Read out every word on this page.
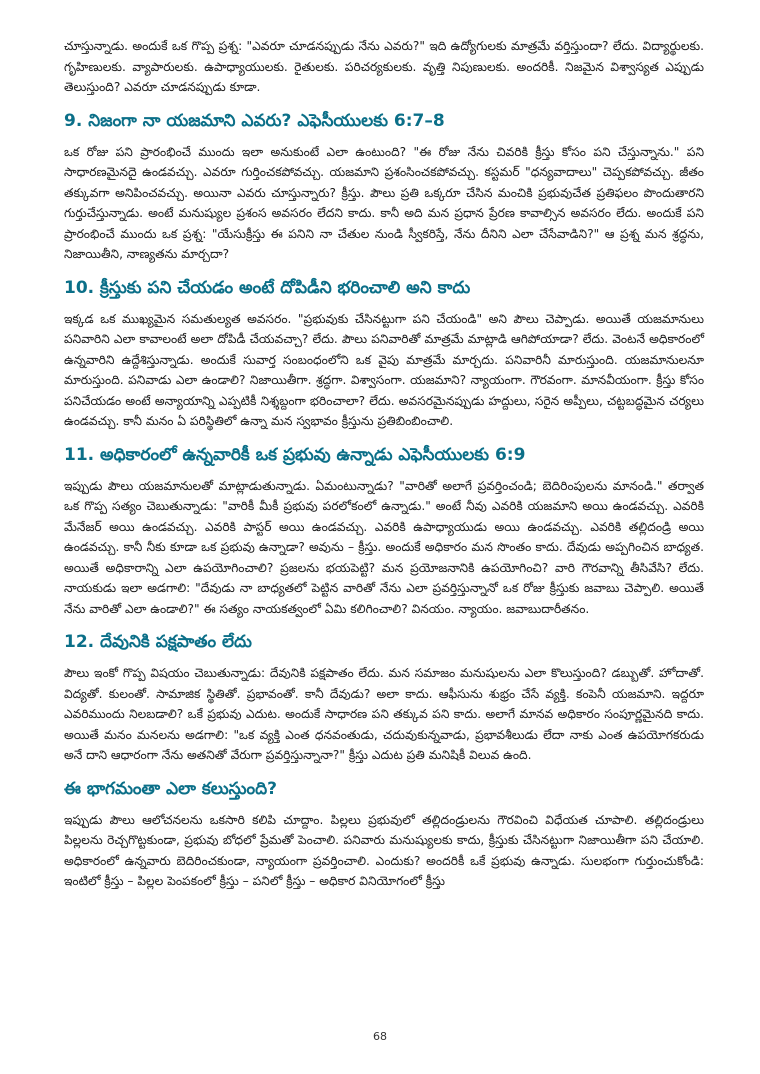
చూస్తున్నాడు. అందుకే ఒక గొప్ప ప్రశ్న: "ఎవరూ చూడనప్పుడు నేను ఎవరు?" ఇది ఉద్యోగులకు మాత్రమే వర్తిస్తుందా? లేదు. విద్యార్థులకు. గృహిణులకు. వ్యాపారులకు. ఉపాధ్యాయులకు. రైతులకు. పరిచర్యకులకు. వృత్తి నిపుణులకు. అందరికీ. నిజమైన విశ్వాస్యత ఎప్పుడు తెలుస్తుంది? ఎవరూ చూడనప్పుడు కూడా.

9. నిజంగా నా యజమాని ఎవరు? ఎఫెసీయులకు 6:7–8

ఒక రోజు పని ప్రారంభించే ముందు ఇలా అనుకుంటే ఎలా ఉంటుంది? "ఈ రోజు నేను చివరికి క్రీస్తు కోసం పని చేస్తున్నాను." పని సాధారణమైనదై ఉండవచ్చు. ఎవరూ గుర్తించకపోవచ్చు. యజమాని ప్రశంసించకపోవచ్చు. కస్టమర్ "ధన్యవాదాలు" చెప్పకపోవచ్చు. జీతం తక్కువగా అనిపించవచ్చు. అయినా ఎవరు చూస్తున్నారు? క్రీస్తు. పౌలు ప్రతి ఒక్కరూ చేసిన మంచికి ప్రభువుచేత ప్రతిఫలం పొందుతారని గుర్తుచేస్తున్నాడు. అంటే మనుష్యుల ప్రశంస అవసరం లేదని కాదు. కానీ అది మన ప్రధాన ప్రేరణ కావాల్సిన అవసరం లేదు. అందుకే పని ప్రారంభించే ముందు ఒక ప్రశ్న: "యేసుక్రీస్తు ఈ పనిని నా చేతుల నుండి స్వీకరిస్తే, నేను దీనిని ఎలా చేసేవాడిని?" ఆ ప్రశ్న మన శ్రద్ధను, నిజాయితీని, నాణ్యతను మార్చదా?

10. క్రీస్తుకు పని చేయడం అంటే దోపిడీని భరించాలి అని కాదు

ఇక్కడ ఒక ముఖ్యమైన సమతుల్యత అవసరం. "ప్రభువుకు చేసినట్టుగా పని చేయండి" అని పౌలు చెప్పాడు. అయితే యజమానులు పనివారిని ఎలా కావాలంటే అలా దోపిడీ చేయవచ్చా? లేదు. పౌలు పనివారితో మాత్రమే మాట్లాడి ఆగిపోయాడా? లేదు. వెంటనే అధికారంలో ఉన్నవారిని ఉద్దేశిస్తున్నాడు. అందుకే సువార్త సంబంధంలోని ఒక వైపు మాత్రమే మార్చదు. పనివారినీ మారుస్తుంది. యజమానులనూ మారుస్తుంది. పనివాడు ఎలా ఉండాలి? నిజాయితీగా. శ్రద్ధగా. విశ్వాసంగా. యజమాని? న్యాయంగా. గౌరవంగా. మానవీయంగా. క్రీస్తు కోసం పనిచేయడం అంటే అన్యాయాన్ని ఎప్పటికీ నిశ్శబ్దంగా భరించాలా? లేదు. అవసరమైనప్పుడు హద్దులు, సరైన అప్పీలు, చట్టబద్ధమైన చర్యలు ఉండవచ్చు. కానీ మనం ఏ పరిస్థితిలో ఉన్నా మన స్వభావం క్రీస్తును ప్రతిబింబించాలి.

11. అధికారంలో ఉన్నవారికీ ఒక ప్రభువు ఉన్నాడు ఎఫెసీయులకు 6:9

ఇప్పుడు పౌలు యజమానులతో మాట్లాడుతున్నాడు. ఏమంటున్నాడు? "వారితో అలాగే ప్రవర్తించండి; బెదిరింపులను మానండి." తర్వాత ఒక గొప్ప సత్యం చెబుతున్నాడు: "వారికీ మీకీ ప్రభువు పరలోకంలో ఉన్నాడు." అంటే నీవు ఎవరికి యజమాని అయి ఉండవచ్చు. ఎవరికి మేనేజర్ అయి ఉండవచ్చు. ఎవరికి పాస్టర్ అయి ఉండవచ్చు. ఎవరికి ఉపాధ్యాయుడు అయి ఉండవచ్చు. ఎవరికి తల్లిదండ్రి అయి ఉండవచ్చు. కానీ నీకు కూడా ఒక ప్రభువు ఉన్నాడా? అవును – క్రీస్తు. అందుకే అధికారం మన సొంతం కాదు. దేవుడు అప్పగించిన బాధ్యత. అయితే అధికారాన్ని ఎలా ఉపయోగించాలి? ప్రజలను భయపెట్టి? మన ప్రయోజనానికి ఉపయోగించి? వారి గౌరవాన్ని తీసివేసి? లేదు. నాయకుడు ఇలా అడగాలి: "దేవుడు నా బాధ్యతలో పెట్టిన వారితో నేను ఎలా ప్రవర్తిస్తున్నానో ఒక రోజు క్రీస్తుకు జవాబు చెప్పాలి. అయితే నేను వారితో ఎలా ఉండాలి?" ఈ సత్యం నాయకత్వంలో ఏమి కలిగించాలి? వినయం. న్యాయం. జవాబుదారీతనం.

12. దేవునికి పక్షపాతం లేదు

పౌలు ఇంకో గొప్ప విషయం చెబుతున్నాడు: దేవునికి పక్షపాతం లేదు. మన సమాజం మనుషులను ఎలా కొలుస్తుంది? డబ్బుతో. హోదాతో. విద్యతో. కులంతో. సామాజిక స్థితితో. ప్రభావంతో. కానీ దేవుడు? అలా కాదు. ఆఫీసును శుభ్రం చేసే వ్యక్తి. కంపెనీ యజమాని. ఇద్దరూ ఎవరిముందు నిలబడాలి? ఒకే ప్రభువు ఎదుట. అందుకే సాధారణ పని తక్కువ పని కాదు. అలాగే మానవ అధికారం సంపూర్ణమైనది కాదు. అయితే మనం మనలను అడగాలి: "ఒక వ్యక్తి ఎంత ధనవంతుడు, చదువుకున్నవాడు, ప్రభావశీలుడు లేదా నాకు ఎంత ఉపయోగకరుడు అనే దాని ఆధారంగా నేను అతనితో వేరుగా ప్రవర్తిస్తున్నానా?" క్రీస్తు ఎదుట ప్రతి మనిషికీ విలువ ఉంది.

ఈ భాగమంతా ఎలా కలుస్తుంది?

ఇప్పుడు పౌలు ఆలోచనలను ఒకసారి కలిపి చూద్దాం. పిల్లలు ప్రభువులో తల్లిదండ్రులను గౌరవించి విధేయత చూపాలి. తల్లిదండ్రులు పిల్లలను రెచ్చగొట్టకుండా, ప్రభువు బోధలో ప్రేమతో పెంచాలి. పనివారు మనుష్యులకు కాదు, క్రీస్తుకు చేసినట్టుగా నిజాయితీగా పని చేయాలి. అధికారంలో ఉన్నవారు బెదిరించకుండా, న్యాయంగా ప్రవర్తించాలి. ఎందుకు? అందరికీ ఒకే ప్రభువు ఉన్నాడు. సులభంగా గుర్తుంచుకోండి: ఇంటిలో క్రీస్తు – పిల్లల పెంపకంలో క్రీస్తు – పనిలో క్రీస్తు – అధికార వినియోగంలో క్రీస్తు

68
